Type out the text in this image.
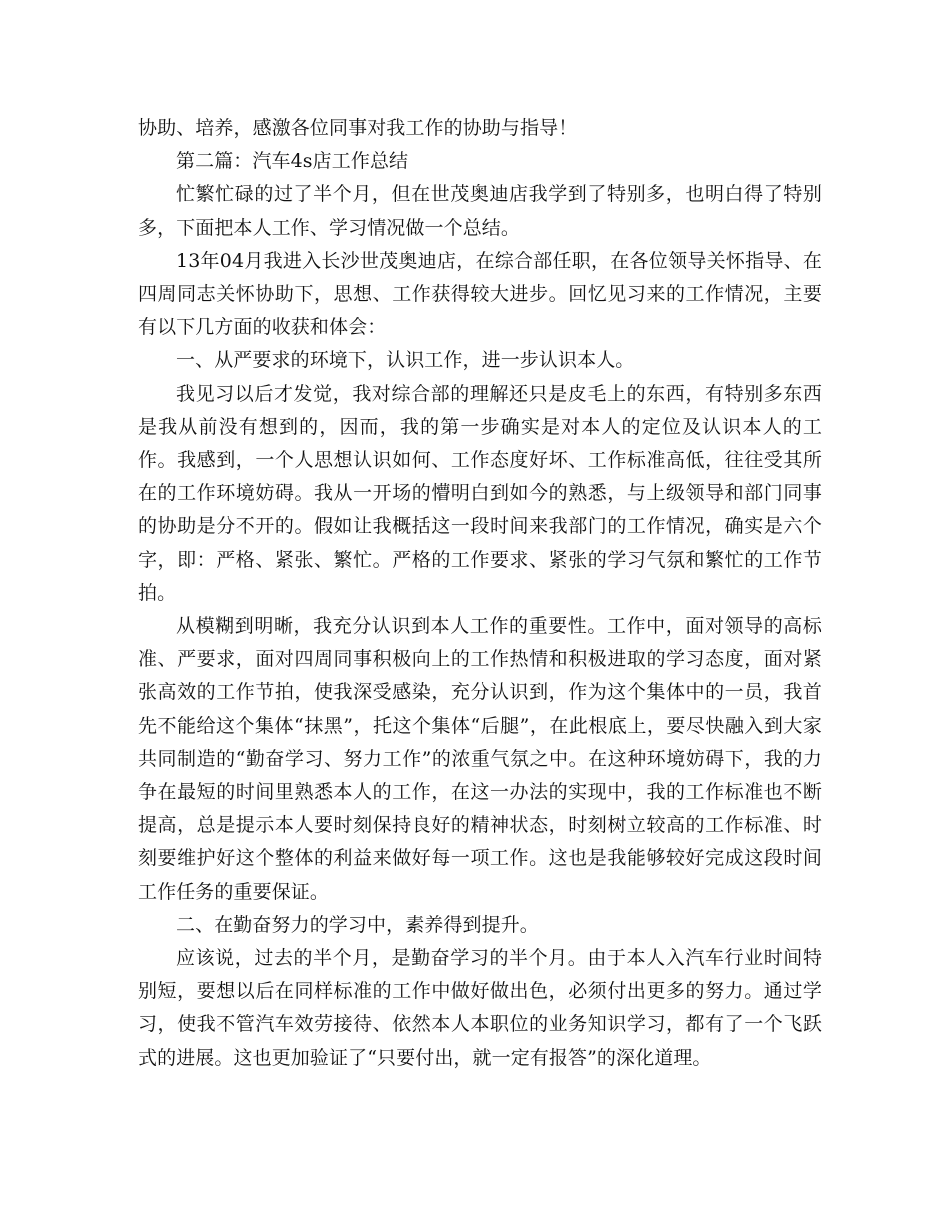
协助、培养，感激各位同事对我工作的协助与指导！

第二篇：汽车4s店工作总结

忙繁忙碌的过了半个月，但在世茂奥迪店我学到了特别多，也明白得了特别多，下面把本人工作、学习情况做一个总结。

13年04月我进入长沙世茂奥迪店，在综合部任职，在各位领导关怀指导、在四周同志关怀协助下，思想、工作获得较大进步。回忆见习来的工作情况，主要有以下几方面的收获和体会：

一、从严要求的环境下，认识工作，进一步认识本人。

我见习以后才发觉，我对综合部的理解还只是皮毛上的东西，有特别多东西是我从前没有想到的，因而，我的第一步确实是对本人的定位及认识本人的工作。我感到，一个人思想认识如何、工作态度好坏、工作标准高低，往往受其所在的工作环境妨碍。我从一开场的懵明白到如今的熟悉，与上级领导和部门同事的协助是分不开的。假如让我概括这一段时间来我部门的工作情况，确实是六个字，即：严格、紧张、繁忙。严格的工作要求、紧张的学习气氛和繁忙的工作节拍。

从模糊到明晰，我充分认识到本人工作的重要性。工作中，面对领导的高标准、严要求，面对四周同事积极向上的工作热情和积极进取的学习态度，面对紧张高效的工作节拍，使我深受感染，充分认识到，作为这个集体中的一员，我首先不能给这个集体“抹黑”，托这个集体“后腿”，在此根底上，要尽快融入到大家共同制造的“勤奋学习、努力工作”的浓重气氛之中。在这种环境妨碍下，我的力争在最短的时间里熟悉本人的工作，在这一办法的实现中，我的工作标准也不断提高，总是提示本人要时刻保持良好的精神状态，时刻树立较高的工作标准、时刻要维护好这个整体的利益来做好每一项工作。这也是我能够较好完成这段时间工作任务的重要保证。

二、在勤奋努力的学习中，素养得到提升。

应该说，过去的半个月，是勤奋学习的半个月。由于本人入汽车行业时间特别短，要想以后在同样标准的工作中做好做出色，必须付出更多的努力。通过学习，使我不管汽车效劳接待、依然本人本职位的业务知识学习，都有了一个飞跃式的进展。这也更加验证了“只要付出，就一定有报答”的深化道理。
